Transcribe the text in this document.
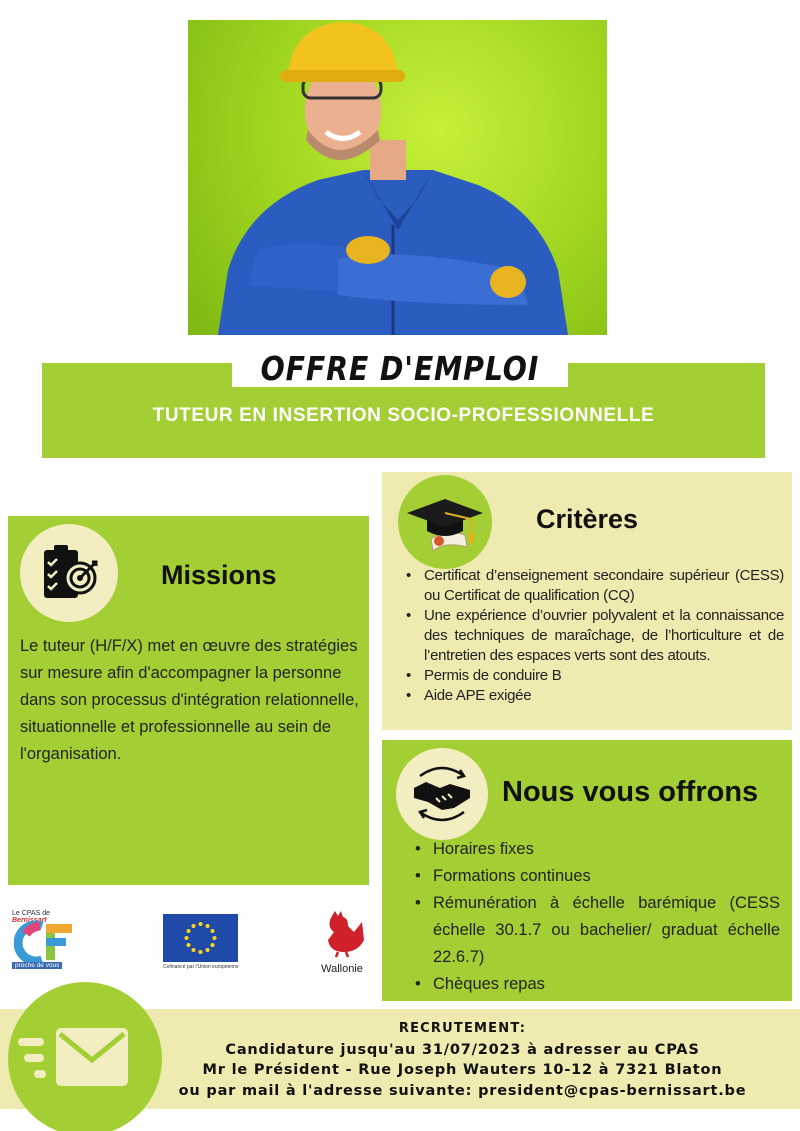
OFFRE D'EMPLOI
TUTEUR EN INSERTION SOCIO-PROFESSIONNELLE
Missions

Le tuteur (H/F/X) met en œuvre des stratégies sur mesure afin d'accompagner la personne dans son processus d'intégration relationnelle, situationnelle et professionnelle au sein de l'organisation.

Critères
• Certificat d’enseignement secondaire supérieur (CESS) ou Certificat de qualification (CQ)
• Une expérience d’ouvrier polyvalent et la connaissance des techniques de maraîchage, de l’horticulture et de l’entretien des espaces verts sont des atouts.
• Permis de conduire B
• Aide APE exigée
Nous vous offrons
• Horaires fixes
• Formations continues
• Rémunération à échelle barémique (CESS échelle 30.1.7 ou bachelier/ graduat échelle 22.6.7)
• Chèques repas
Le CPAS de Bernissart
proche de vous	Cofinancé par l'Union européenne	Wallonie
RECRUTEMENT:
Candidature jusqu'au 31/07/2023 à adresser au CPAS
Mr le Président - Rue Joseph Wauters 10-12 à 7321 Blaton
ou par mail à l'adresse suivante: president@cpas-bernissart.be
